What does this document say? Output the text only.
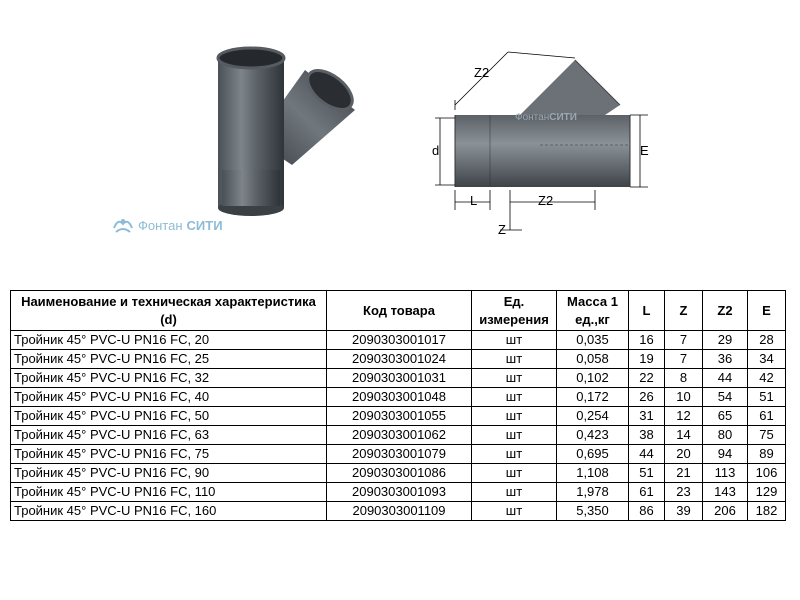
Фонтан СИТИ
Z2
d	E
L	Z2
Z
ФонтанСИТИ
Наименование и техническая характеристика (d)	Код товара	Ед. измерения	Масса 1 ед.,кг	L	Z	Z2	E
Тройник 45° PVC-U PN16 FC, 20	2090303001017	шт	0,035	16	7	29	28
Тройник 45° PVC-U PN16 FC, 25	2090303001024	шт	0,058	19	7	36	34
Тройник 45° PVC-U PN16 FC, 32	2090303001031	шт	0,102	22	8	44	42
Тройник 45° PVC-U PN16 FC, 40	2090303001048	шт	0,172	26	10	54	51
Тройник 45° PVC-U PN16 FC, 50	2090303001055	шт	0,254	31	12	65	61
Тройник 45° PVC-U PN16 FC, 63	2090303001062	шт	0,423	38	14	80	75
Тройник 45° PVC-U PN16 FC, 75	2090303001079	шт	0,695	44	20	94	89
Тройник 45° PVC-U PN16 FC, 90	2090303001086	шт	1,108	51	21	113	106
Тройник 45° PVC-U PN16 FC, 110	2090303001093	шт	1,978	61	23	143	129
Тройник 45° PVC-U PN16 FC, 160	2090303001109	шт	5,350	86	39	206	182
